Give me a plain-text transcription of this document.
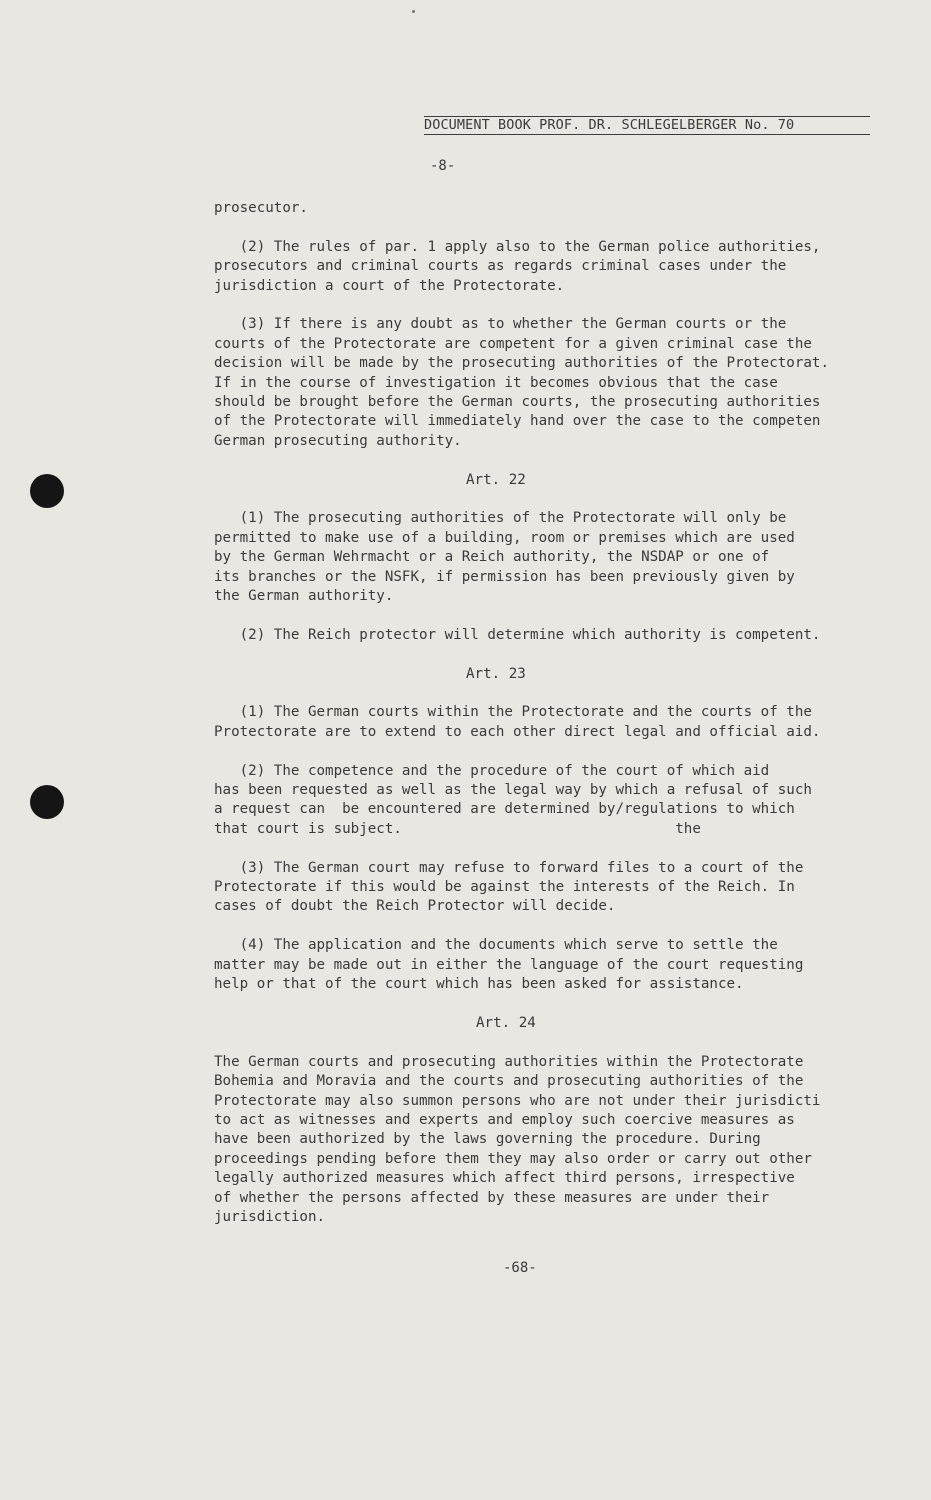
DOCUMENT BOOK PROF. DR. SCHLEGELBERGER No. 70
-8-

prosecutor.

(2) The rules of par. 1 apply also to the German police authorities,
prosecutors and criminal courts as regards criminal cases under the
jurisdiction a court of the Protectorate.

(3) If there is any doubt as to whether the German courts or the
courts of the Protectorate are competent for a given criminal case the
decision will be made by the prosecuting authorities of the Protectorat.
If in the course of investigation it becomes obvious that the case
should be brought before the German courts, the prosecuting authorities
of the Protectorate will immediately hand over the case to the competen
German prosecuting authority.

Art. 22

(1) The prosecuting authorities of the Protectorate will only be
permitted to make use of a building, room or premises which are used
by the German Wehrmacht or a Reich authority, the NSDAP or one of
its branches or the NSFK, if permission has been previously given by
the German authority.

(2) The Reich protector will determine which authority is competent.

Art. 23

(1) The German courts within the Protectorate and the courts of the
Protectorate are to extend to each other direct legal and official aid.

(2) The competence and the procedure of the court of which aid
has been requested as well as the legal way by which a refusal of such
a request can  be encountered are determined by/regulations to which
that court is subject.                                the

(3) The German court may refuse to forward files to a court of the
Protectorate if this would be against the interests of the Reich. In
cases of doubt the Reich Protector will decide.

(4) The application and the documents which serve to settle the
matter may be made out in either the language of the court requesting
help or that of the court which has been asked for assistance.

Art. 24

The German courts and prosecuting authorities within the Protectorate
Bohemia and Moravia and the courts and prosecuting authorities of the
Protectorate may also summon persons who are not under their jurisdicti
to act as witnesses and experts and employ such coercive measures as
have been authorized by the laws governing the procedure. During
proceedings pending before them they may also order or carry out other
legally authorized measures which affect third persons, irrespective
of whether the persons affected by these measures are under their
jurisdiction.

-68-
